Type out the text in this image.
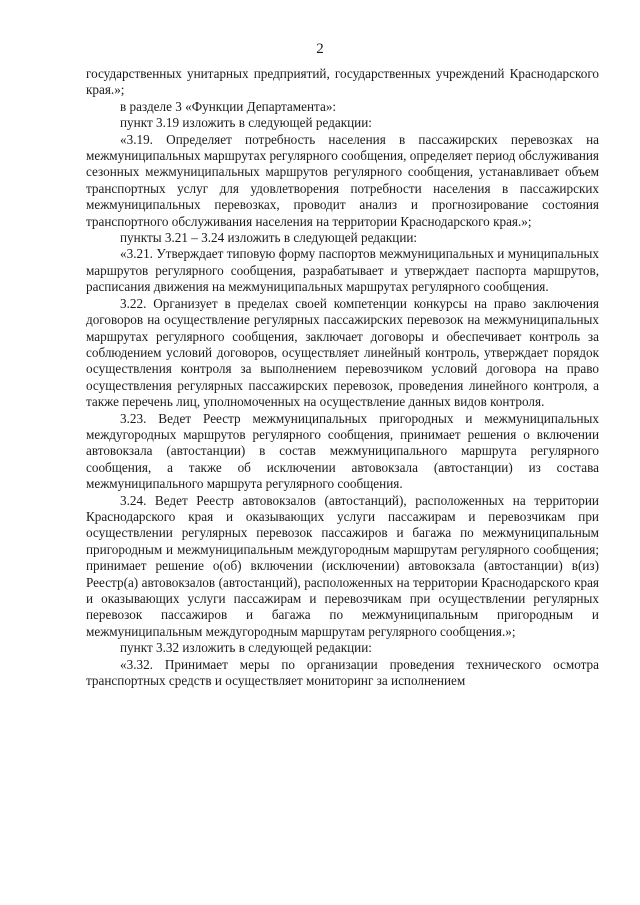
2

государственных унитарных предприятий, государственных учреждений Краснодарского края.»;

в разделе 3 «Функции Департамента»:

пункт 3.19 изложить в следующей редакции:

«3.19. Определяет потребность населения в пассажирских перевозках на межмуниципальных маршрутах регулярного сообщения, определяет период обслуживания сезонных межмуниципальных маршрутов регулярного сообщения, устанавливает объем транспортных услуг для удовлетворения потребности населения в пассажирских межмуниципальных перевозках, проводит анализ и прогнозирование состояния транспортного обслуживания населения на территории Краснодарского края.»;

пункты 3.21 – 3.24 изложить в следующей редакции:

«3.21. Утверждает типовую форму паспортов межмуниципальных и муниципальных маршрутов регулярного сообщения, разрабатывает и утверждает паспорта маршрутов, расписания движения на межмуниципальных маршрутах регулярного сообщения.

3.22. Организует в пределах своей компетенции конкурсы на право заключения договоров на осуществление регулярных пассажирских перевозок на межмуниципальных маршрутах регулярного сообщения, заключает договоры и обеспечивает контроль за соблюдением условий договоров, осуществляет линейный контроль, утверждает порядок осуществления контроля за выполнением перевозчиком условий договора на право осуществления регулярных пассажирских перевозок, проведения линейного контроля, а также перечень лиц, уполномоченных на осуществление данных видов контроля.

3.23. Ведет Реестр межмуниципальных пригородных и межмуниципальных междугородных маршрутов регулярного сообщения, принимает решения о включении автовокзала (автостанции) в состав межмуниципального маршрута регулярного сообщения, а также об исключении автовокзала (автостанции) из состава межмуниципального маршрута регулярного сообщения.

3.24. Ведет Реестр автовокзалов (автостанций), расположенных на территории Краснодарского края и оказывающих услуги пассажирам и перевозчикам при осуществлении регулярных перевозок пассажиров и багажа по межмуниципальным пригородным и межмуниципальным междугородным маршрутам регулярного сообщения; принимает решение о(об) включении (исключении) автовокзала (автостанции) в(из) Реестр(а) автовокзалов (автостанций), расположенных на территории Краснодарского края и оказывающих услуги пассажирам и перевозчикам при осуществлении регулярных перевозок пассажиров и багажа по межмуниципальным пригородным и межмуниципальным междугородным маршрутам регулярного сообщения.»;

пункт 3.32 изложить в следующей редакции:

«3.32. Принимает меры по организации проведения технического осмотра транспортных средств и осуществляет мониторинг за исполнением
